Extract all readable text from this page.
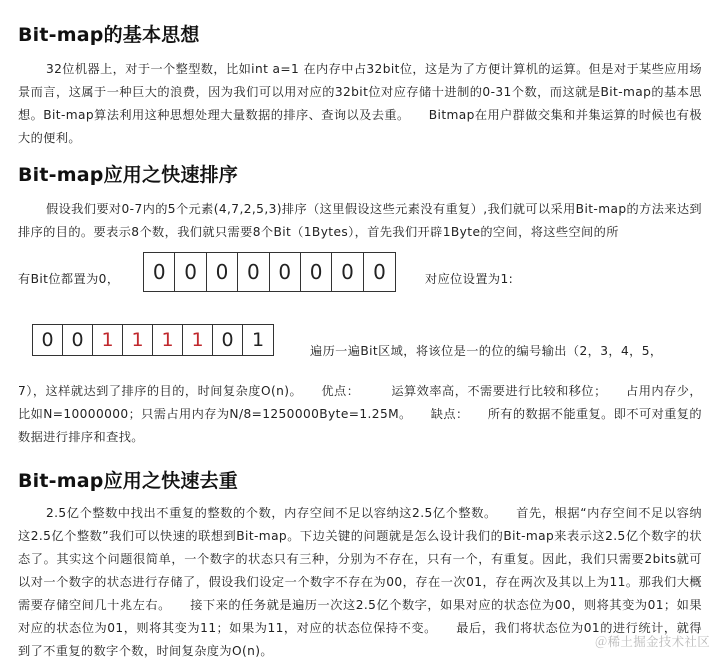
Bit-map的基本思想

32位机器上，对于一个整型数，比如int a=1 在内存中占32bit位，这是为了方便计算机的运算。但是对于某些应用场景而言，这属于一种巨大的浪费，因为我们可以用对应的32bit位对应存储十进制的0-31个数，而这就是Bit-map的基本思想。Bit-map算法利用这种思想处理大量数据的排序、查询以及去重。　　Bitmap在用户群做交集和并集运算的时候也有极大的便利。

Bit-map应用之快速排序

假设我们要对0-7内的5个元素(4,7,2,5,3)排序（这里假设这些元素没有重复）,我们就可以采用Bit-map的方法来达到排序的目的。要表示8个数，我们就只需要8个Bit（1Bytes），首先我们开辟1Byte的空间，将这些空间的所

有Bit位都置为0，	0 0 0 0 0 0 0 0	对应位设置为1:
0 0 1 1 1 1 0 1	遍历一遍Bit区域，将该位是一的位的编号输出（2，3，4，5，

7），这样就达到了排序的目的，时间复杂度O(n)。　　优点：　　　运算效率高，不需要进行比较和移位；　　占用内存少，比如N=10000000；只需占用内存为N/8=1250000Byte=1.25M。　　缺点：　　所有的数据不能重复。即不可对重复的数据进行排序和查找。

Bit-map应用之快速去重

2.5亿个整数中找出不重复的整数的个数，内存空间不足以容纳这2.5亿个整数。　　首先，根据“内存空间不足以容纳这2.5亿个整数”我们可以快速的联想到Bit-map。下边关键的问题就是怎么设计我们的Bit-map来表示这2.5亿个数字的状态了。其实这个问题很简单，一个数字的状态只有三种，分别为不存在，只有一个，有重复。因此，我们只需要2bits就可以对一个数字的状态进行存储了，假设我们设定一个数字不存在为00，存在一次01，存在两次及其以上为11。那我们大概需要存储空间几十兆左右。　　接下来的任务就是遍历一次这2.5亿个数字，如果对应的状态位为00，则将其变为01；如果对应的状态位为01，则将其变为11；如果为11，对应的状态位保持不变。　　最后，我们将状态位为01的进行统计，就得到了不重复的数字个数，时间复杂度为O(n)。

＠稀土掘金技术社区
